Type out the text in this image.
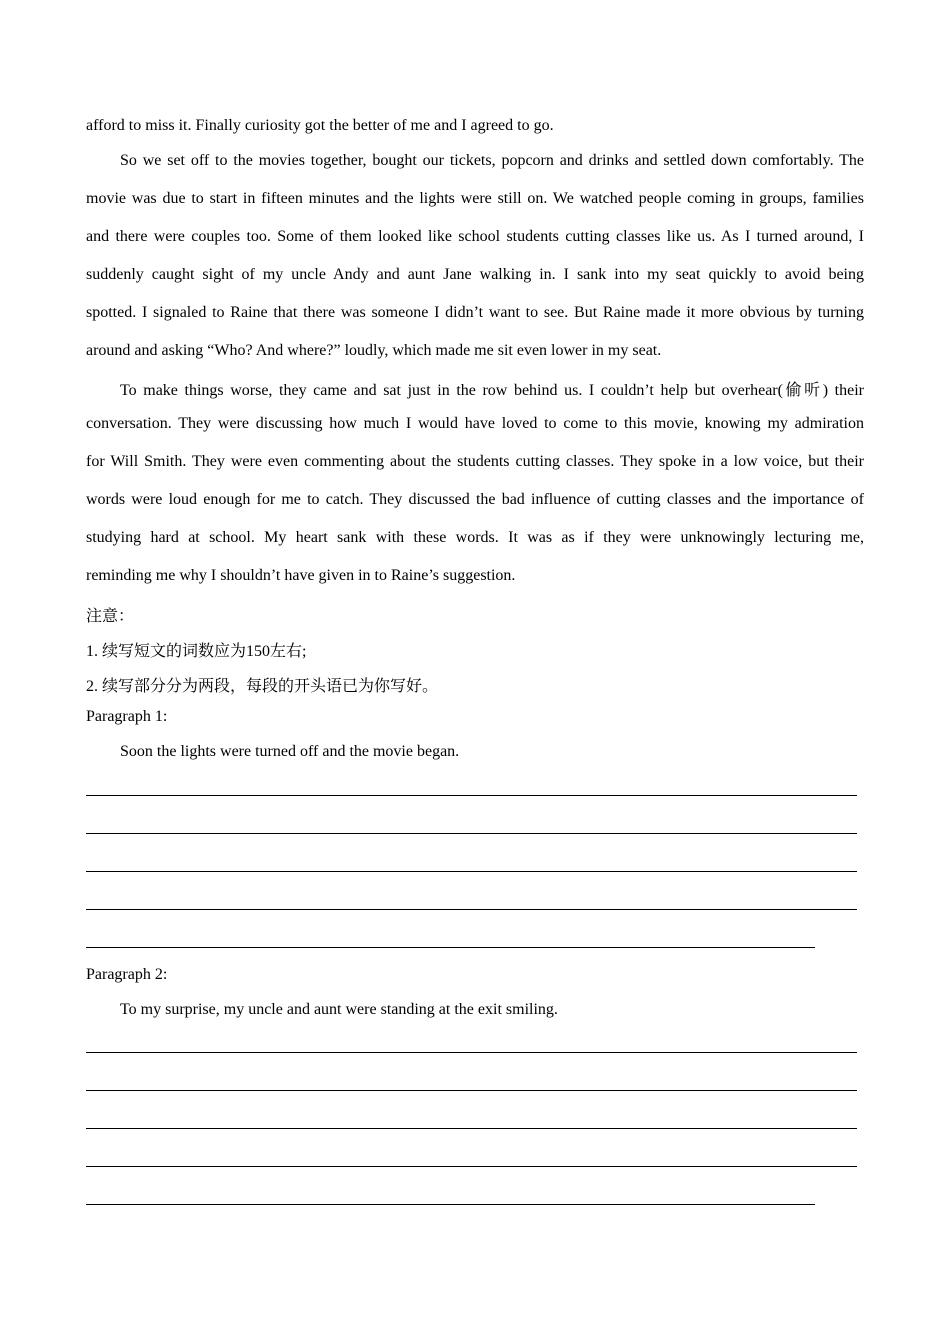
afford to miss it. Finally curiosity got the better of me and I agreed to go.
So we set off to the movies together, bought our tickets, popcorn and drinks and settled down comfortably. The
movie was due to start in fifteen minutes and the lights were still on. We watched people coming in groups, families
and there were couples too. Some of them looked like school students cutting classes like us. As I turned around, I
suddenly caught sight of my uncle Andy and aunt Jane walking in. I sank into my seat quickly to avoid being
spotted. I signaled to Raine that there was someone I didn’t want to see. But Raine made it more obvious by turning
around and asking “Who? And where?” loudly, which made me sit even lower in my seat.
To make things worse, they came and sat just in the row behind us. I couldn’t help but overhear(偷听) their
conversation. They were discussing how much I would have loved to come to this movie, knowing my admiration
for Will Smith. They were even commenting about the students cutting classes. They spoke in a low voice, but their
words were loud enough for me to catch. They discussed the bad influence of cutting classes and the importance of
studying hard at school. My heart sank with these words. It was as if they were unknowingly lecturing me,
reminding me why I shouldn’t have given in to Raine’s suggestion.
注意：
1. 续写短文的词数应为150左右;
2. 续写部分分为两段，每段的开头语已为你写好。
Paragraph 1:
Soon the lights were turned off and the movie began.
Paragraph 2:
To my surprise, my uncle and aunt were standing at the exit smiling.
